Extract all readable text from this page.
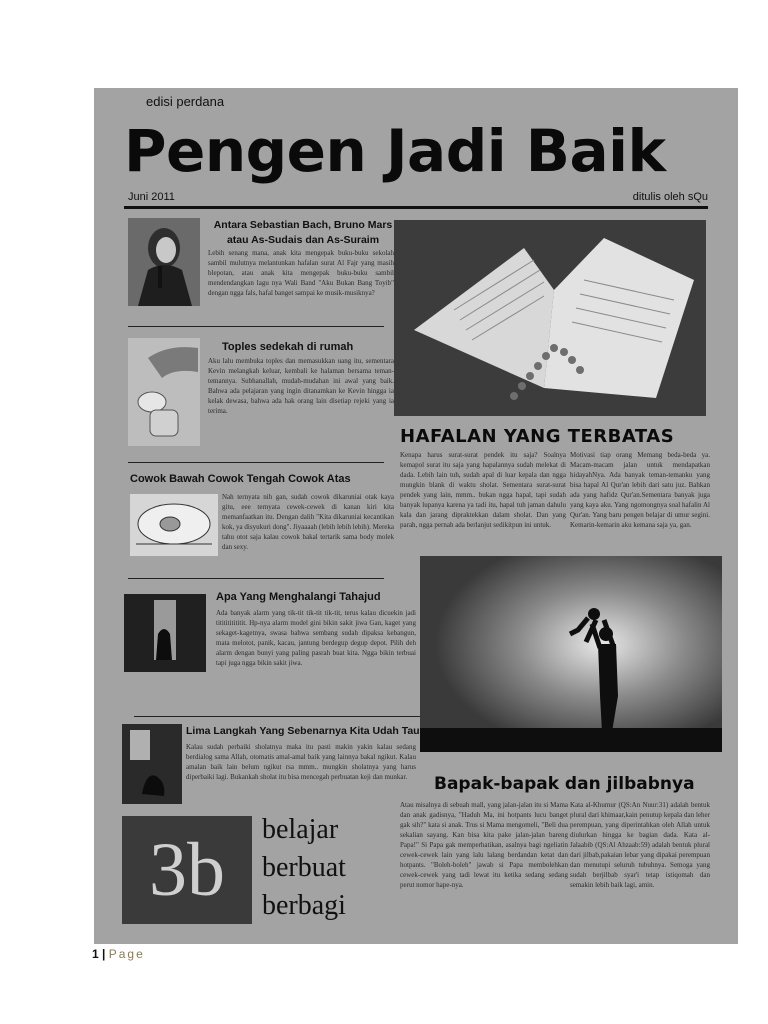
edisi perdana
Pengen Jadi Baik
Juni 2011	ditulis oleh sQu
Antara Sebastian Bach, Bruno Mars atau As-Sudais dan As-Suraim
Lebih senang mana, anak kita mengepak buku-buku sekolah sambil mulutnya melantunkan hafalan surat Al Fajr yang masih blepotan, atau anak kita mengepak buku-buku sambil mendendangkan lagu nya Wali Band "Aku Bukan Bang Toyib" dengan ngga fals, hafal banget sampai ke musik-musiknya?
Toples sedekah di rumah
Aku lalu membuka toples dan memasukkan uang itu, sementara Kevin melangkah keluar, kembali ke halaman bersama teman-temannya. Subhanallah, mudah-mudahan ini awal yang baik. Bahwa ada pelajaran yang ingin ditanamkan ke Kevin hingga ia kelak dewasa, bahwa ada hak orang lain disetiap rejeki yang ia terima.
Cowok Bawah Cowok Tengah Cowok Atas
Nah ternyata nih gan, sudah cowok dikaruniai otak kaya gitu, eee ternyata cewek-cewek di kanan kiri kita memanfaatkan itu. Dengan dalih "Kita dikaruniai kecantikan kok, ya disyukuri dong". Jiyaaaah (lebih lebih lebih). Mereka tahu otot saja kalau cowok bakal tertarik sama body molek dan sexy.
Apa Yang Menghalangi Tahajud
Ada banyak alarm yang tik-tit tik-tit tik-tit, terus kalau dicuekin jadi tititititititit. Hp-nya alarm model gini bikin sakit jiwa Gan, kaget yang sekaget-kagetnya, swasa bahwa sembang sudah dipaksa kebangun, mata melotot, panik, kacau, jantung berdegup degup depot. Pilih deh alarm dengan bunyi yang paling pasrah buat kita. Ngga bikin terbuai tapi juga ngga bikin sakit jiwa.
Lima Langkah Yang Sebenarnya Kita Udah Tau
Kalau sudah perbaiki sholatnya maka itu pasti makin yakin kalau sedang berdialog sama Allah, otomatis amal-amal baik yang lainnya bakal ngikut. Kalau amalan baik lain belum ngikut rsa mmm.. mungkin sholatnya yang harus diperbaiki lagi. Bukankah sholat itu bisa mencegah perbuatan keji dan munkar.
HAFALAN YANG TERBATAS
Kenapa harus surat-surat pendek itu saja? Soalnya kemapol surat itu saja yang hapalannya sudah melekat di dada. Lebih lain tuh, sudah apal di luar kepala dan ngga mungkin blank di waktu sholat. Sementara surat-surat pendek yang lain, mmm.. bukan ngga hapal, tapi sudah banyak lupanya karena ya tadi itu, hapal tuh jaman dahulu kala dan jarang dipraktekkan dalam sholat. Dan yang parah, ngga pernah ada berlanjut sedikitpun ini untuk.
Motivasi tiap orang Memang beda-beda ya. Macam-macam jalan untuk mendapatkan hidayahNya. Ada banyak teman-temanku yang bisa hapal Al Qur'an lebih dari satu juz. Bahkan ada yang hafidz Qur'an.Sementara banyak juga yang kaya aku. Yang ngomongnya soal hafalin Al Qur'an. Yang baru pengen belajar di umur segini. Kemarin-kemarin aku kemana saja ya, gan.
Bapak-bapak dan jilbabnya
Atau misalnya di sebuah mall, yang jalan-jalan itu si Mama dan anak gadisnya, "Haduh Ma, ini hotpants lucu banget gak sih?" kata si anak. Trus si Mama mengomeli, "Beli dua sekalian sayang. Kan bisa kita pake jalan-jalan bareng Papa!" Si Papa gak memperhatikan, asalnya bagi ngeliatin cewek-cewek lain yang lalu lalang berdandan ketat dan hotpants. "Boleh-boleh" jawab si Papa membolehkan cewek-cewek yang tadi lewat itu ketika sedang sedang perut nomor hape-nya.
Kata al-Khumur (QS:An Nuur:31) adalah bentuk plural dari khimaar,kain penutup kepala dan leher perempuan, yang diperintahkan oleh Allah untuk diulurkan hingga ke bagian dada. Kata al-Jalaabib (QS:Al Ahzaab:59) adalah bentuk plural dari jilbab,pakaian lebar yang dipakai perempuan dan menutupi seluruh tubuhnya. Semoga yang sudah berjilbab syar'i tetap istiqomah dan semakin lebih baik lagi, amin.
3b	belajar
berbuat
berbagi
1 | Page
